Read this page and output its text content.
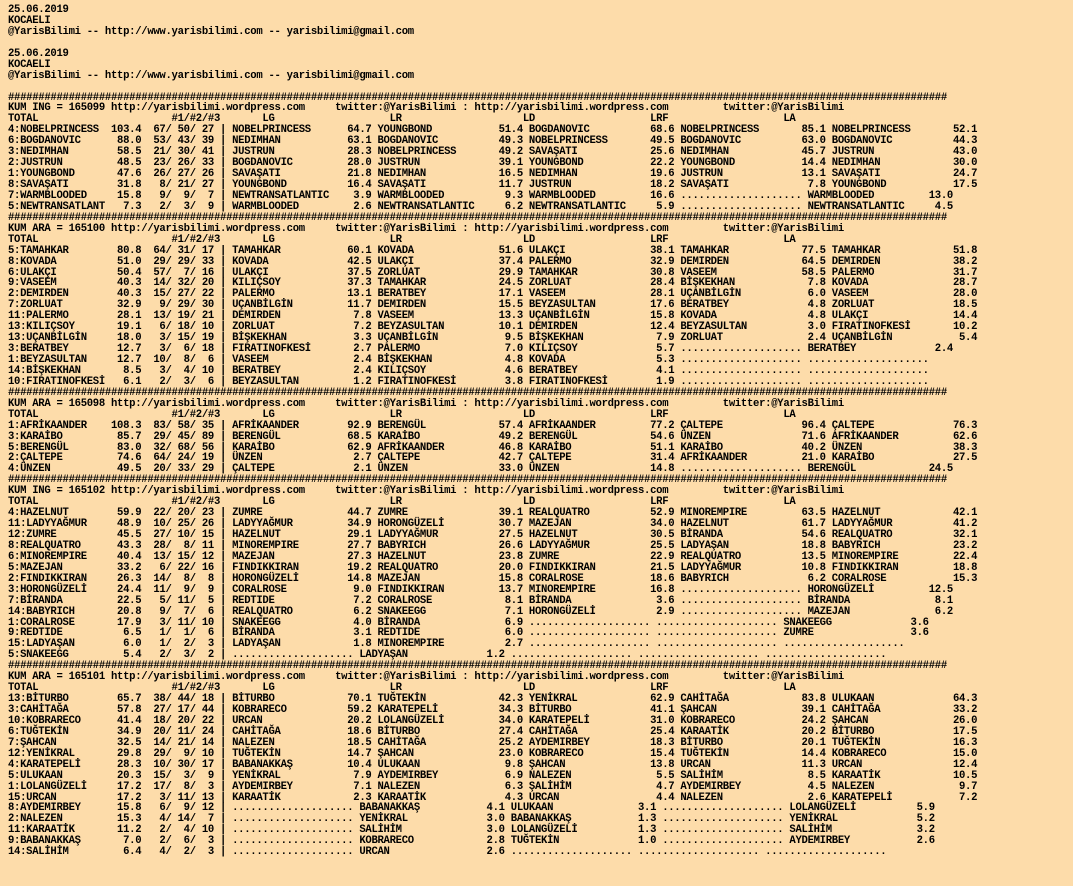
25.06.2019
KOCAELI
@YarisBilimi -- http://www.yarisbilimi.com -- yarisbilimi@gmail.com
25.06.2019
KOCAELI
@YarisBilimi -- http://www.yarisbilimi.com -- yarisbilimi@gmail.com
###########################################################################################################################################################
KUM ING = 165099 http://yarisbilimi.wordpress.com     twitter:@YarisBilimi : http://yarisbilimi.wordpress.com         twitter:@YarisBilimi
TOTAL                      #1/#2/#3       LG                   LR                    LD                   LRF                   LA
4:NOBELPRINCESS  103.4  67/ 50/ 27 | NOBELPRINCESS      64.7 YOUNGBOND           51.4 BOGDANOVIC          68.6 NOBELPRINCESS       85.1 NOBELPRINCESS       52.1
6:BOGDANOVIC      88.0  53/ 43/ 39 | NEDIMHAN           63.1 BOGDANOVIC          49.3 NOBELPRINCESS       49.5 BOGDANOVIC          63.0 BOGDANOVIC          44.3
3:NEDIMHAN        58.5  21/ 30/ 41 | JUSTRUN            28.3 NOBELPRINCESS       49.2 SAVAŞATI            25.6 NEDIMHAN            45.7 JUSTRUN             43.0
2:JUSTRUN         48.5  23/ 26/ 33 | BOGDANOVIC         28.0 JUSTRUN             39.1 YOUNGBOND           22.2 YOUNGBOND           14.4 NEDIMHAN            30.0
1:YOUNGBOND       47.6  26/ 27/ 26 | SAVAŞATI           21.8 NEDIMHAN            16.5 NEDIMHAN            19.6 JUSTRUN             13.1 SAVAŞATI            24.7
8:SAVAŞATI        31.8   8/ 21/ 27 | YOUNGBOND          16.4 SAVAŞATI            11.7 JUSTRUN             18.2 SAVAŞATI             7.8 YOUNGBOND           17.5
7:WARMBLOODED     15.8   9/  9/  7 | NEWTRANSATLANTIC    3.9 WARMBLOODED          9.3 WARMBLOODED         16.6 .................... WARMBLOODED         13.0
5:NEWTRANSATLANT   7.3   2/  3/  9 | WARMBLOODED         2.6 NEWTRANSATLANTIC     6.2 NEWTRANSATLANTIC     5.9 .................... NEWTRANSATLANTIC     4.5
###########################################################################################################################################################
KUM ARA = 165100 http://yarisbilimi.wordpress.com     twitter:@YarisBilimi : http://yarisbilimi.wordpress.com         twitter:@YarisBilimi
TOTAL                      #1/#2/#3       LG                   LR                    LD                   LRF                   LA
5:TAMAHKAR        80.8  64/ 31/ 17 | TAMAHKAR           60.1 KOVADA              51.6 ULAKÇI              38.1 TAMAHKAR            77.5 TAMAHKAR            51.8
8:KOVADA          51.0  29/ 29/ 33 | KOVADA             42.5 ULAKÇI              37.4 PALERMO             32.9 DEMIRDEN            64.5 DEMIRDEN            38.2
6:ULAKÇI          50.4  57/  7/ 16 | ULAKÇI             37.5 ZORLUAT             29.9 TAMAHKAR            30.8 VASEEM              58.5 PALERMO             31.7
9:VASEEM          40.3  14/ 32/ 20 | KILIÇSOY           37.3 TAMAHKAR            24.5 ZORLUAT             28.4 BİŞKEKHAN            7.8 KOVADA              28.7
2:DEMIRDEN        40.3  15/ 27/ 22 | PALERMO            13.1 BERATBEY            17.1 VASEEM              28.1 UÇANBİLGİN           6.0 VASEEM              28.0
7:ZORLUAT         32.9   9/ 29/ 30 | UÇANBİLGİN         11.7 DEMIRDEN            15.5 BEYZASULTAN         17.6 BERATBEY             4.8 ZORLUAT             18.5
11:PALERMO        28.1  13/ 19/ 21 | DEMIRDEN            7.8 VASEEM              13.3 UÇANBİLGİN          15.8 KOVADA               4.8 ULAKÇI              14.4
13:KILIÇSOY       19.1   6/ 18/ 10 | ZORLUAT             7.2 BEYZASULTAN         10.1 DEMIRDEN            12.4 BEYZASULTAN          3.0 FIRATINOFKESİ       10.2
13:UÇANBİLGİN     18.0   3/ 15/ 19 | BİŞKEKHAN           3.3 UÇANBİLGİN           9.5 BİŞKEKHAN            7.9 ZORLUAT              2.4 UÇANBİLGİN           5.4
3:BERATBEY        12.7   3/  6/ 18 | FIRATINOFKESİ       2.7 PALERMO              7.0 KILIÇSOY             5.7 .................... BERATBEY             2.4
1:BEYZASULTAN     12.7  10/  8/  6 | VASEEM              2.4 BİŞKEKHAN            4.8 KOVADA               5.3 .................... ....................
14:BİŞKEKHAN       8.5   3/  4/ 10 | BERATBEY            2.4 KILIÇSOY             4.6 BERATBEY             4.1 .................... ....................
10:FIRATINOFKESİ   6.1   2/  3/  6 | BEYZASULTAN         1.2 FIRATINOFKESİ        3.8 FIRATINOFKESİ        1.9 .................... ....................
###########################################################################################################################################################
KUM ARA = 165098 http://yarisbilimi.wordpress.com     twitter:@YarisBilimi : http://yarisbilimi.wordpress.com         twitter:@YarisBilimi
TOTAL                      #1/#2/#3       LG                   LR                    LD                   LRF                   LA
1:AFRİKAANDER    108.3  83/ 58/ 35 | AFRİKAANDER        92.9 BERENGÜL            57.4 AFRİKAANDER         77.2 ÇALTEPE             96.4 ÇALTEPE             76.3
3:KARAİBO         85.7  29/ 45/ 89 | BERENGÜL           68.5 KARAİBO             49.2 BERENGÜL            54.6 ÜNZEN               71.6 AFRİKAANDER         62.6
5:BERENGÜL        83.0  32/ 68/ 56 | KARAİBO            62.9 AFRİKAANDER         46.8 KARAİBO             51.1 KARAİBO             40.2 ÜNZEN               38.3
2:ÇALTEPE         74.6  64/ 24/ 19 | ÜNZEN               2.7 ÇALTEPE             42.7 ÇALTEPE             31.4 AFRİKAANDER         21.0 KARAİBO             27.5
4:ÜNZEN           49.5  20/ 33/ 29 | ÇALTEPE             2.1 ÜNZEN               33.0 ÜNZEN               14.8 .................... BERENGÜL            24.5
###########################################################################################################################################################
KUM ING = 165102 http://yarisbilimi.wordpress.com     twitter:@YarisBilimi : http://yarisbilimi.wordpress.com         twitter:@YarisBilimi
TOTAL                      #1/#2/#3       LG                   LR                    LD                   LRF                   LA
4:HAZELNUT        59.9  22/ 20/ 23 | ZUMRE              44.7 ZUMRE               39.1 REALQUATRO          52.9 MINOREMPIRE         63.5 HAZELNUT            42.1
11:LADYYAĞMUR     48.9  10/ 25/ 26 | LADYYAĞMUR         34.9 HORONGÜZELİ         30.7 MAZEJAN             34.0 HAZELNUT            61.7 LADYYAĞMUR          41.2
12:ZUMRE          45.5  27/ 10/ 15 | HAZELNUT           29.1 LADYYAĞMUR          27.5 HAZELNUT            30.5 BİRANDA             54.6 REALQUATRO          32.1
8:REALQUATRO      43.3  28/  8/ 11 | MINOREMPIRE        27.7 BABYRICH            26.6 LADYYAĞMUR          25.5 LADYAŞAN            18.8 BABYRICH            23.2
6:MINOREMPIRE     40.4  13/ 15/ 12 | MAZEJAN            27.3 HAZELNUT            23.8 ZUMRE               22.9 REALQUATRO          13.5 MINOREMPIRE         22.4
5:MAZEJAN         33.2   6/ 22/ 16 | FINDIKKIRAN        19.2 REALQUATRO          20.0 FINDIKKIRAN         21.5 LADYYAĞMUR          10.8 FINDIKKIRAN         18.8
2:FINDIKKIRAN     26.3  14/  8/  8 | HORONGÜZELİ        14.8 MAZEJAN             15.8 CORALROSE           18.6 BABYRICH             6.2 CORALROSE           15.3
3:HORONGÜZELİ     24.4  11/  9/  9 | CORALROSE           9.0 FINDIKKIRAN         13.7 MINOREMPIRE         16.8 .................... HORONGÜZELİ         12.5
7:BİRANDA         22.5   5/ 11/  5 | REDTIDE             7.2 CORALROSE            8.1 BİRANDA              3.6 .................... BİRANDA              8.1
14:BABYRICH       20.8   9/  7/  6 | REALQUATRO          6.2 SNAKEEGG             7.1 HORONGÜZELİ          2.9 .................... MAZEJAN              6.2
1:CORALROSE       17.9   3/ 11/ 10 | SNAKEEGG            4.0 BİRANDA              6.9 .................... .................... SNAKEEGG             3.6
9:REDTIDE          6.5   1/  1/  6 | BİRANDA             3.1 REDTIDE              6.0 .................... .................... ZUMRE                3.6
15:LADYAŞAN        6.0   1/  2/  3 | LADYAŞAN            1.8 MINOREMPIRE          2.7 .................... .................... ....................
5:SNAKEEGG         5.4   2/  3/  2 | .................... LADYAŞAN             1.2 .................... .................... ....................
###########################################################################################################################################################
KUM ARA = 165101 http://yarisbilimi.wordpress.com     twitter:@YarisBilimi : http://yarisbilimi.wordpress.com         twitter:@YarisBilimi
TOTAL                      #1/#2/#3       LG                   LR                    LD                   LRF                   LA
13:BİTURBO        65.7  38/ 44/ 18 | BİTURBO            70.1 TUĞTEKİN            42.3 YENİKRAL            62.9 CAHİTAĞA            83.8 ULUKAAN             64.3
3:CAHİTAĞA        57.8  27/ 17/ 44 | KOBRARECO          59.2 KARATEPELİ          34.3 BİTURBO             41.1 ŞAHCAN              39.1 CAHİTAĞA            33.2
10:KOBRARECO      41.4  18/ 20/ 22 | URCAN              20.2 LOLANGÜZELİ         34.0 KARATEPELİ          31.0 KOBRARECO           24.2 ŞAHCAN              26.0
6:TUĞTEKİN        34.9  20/ 11/ 24 | CAHİTAĞA           18.6 BİTURBO             27.4 CAHİTAĞA            25.4 KARAATİK            20.2 BİTURBO             17.5
7:ŞAHCAN          32.5  14/ 21/ 14 | NALEZEN            18.5 CAHİTAĞA            25.2 AYDEMIRBEY          18.3 BİTURBO             20.1 TUĞTEKİN            16.3
12:YENİKRAL       29.8  29/  9/ 10 | TUĞTEKİN           14.7 ŞAHCAN              23.0 KOBRARECO           15.4 TUĞTEKİN            14.4 KOBRARECO           15.0
4:KARATEPELİ      28.3  10/ 30/ 17 | BABANAKKAŞ         10.4 ULUKAAN              9.8 ŞAHCAN              13.8 URCAN               11.3 URCAN               12.4
5:ULUKAAN         20.3  15/  3/  9 | YENİKRAL            7.9 AYDEMIRBEY           6.9 NALEZEN              5.5 SALİHİM              8.5 KARAATİK            10.5
1:LOLANGÜZELİ     17.2  17/  8/  3 | AYDEMIRBEY          7.1 NALEZEN              6.3 ŞALİHİM              4.7 AYDEMIRBEY           4.5 NALEZEN              9.7
15:URCAN          17.2   3/ 11/ 13 | KARAATİK            2.3 KARAATİK             4.3 URCAN                4.4 NALEZEN              2.6 KARATEPELİ           7.2
8:AYDEMIRBEY      15.8   6/  9/ 12 | .................... BABANAKKAŞ           4.1 ULUKAAN              3.1 .................... LOLANGÜZELİ          5.9
2:NALEZEN         15.3   4/ 14/  7 | .................... YENİKRAL             3.0 BABANAKKAŞ           1.3 .................... YENİKRAL             5.2
11:KARAATİK       11.2   2/  4/ 10 | .................... SALİHİM              3.0 LOLANGÜZELİ          1.3 .................... SALİHİM              3.2
9:BABANAKKAŞ       7.0   2/  6/  3 | .................... KOBRARECO            2.8 TUĞTEKİN             1.0 .................... AYDEMIRBEY           2.6
14:SALİHİM         6.4   4/  2/  3 | .................... URCAN                2.6 .................... .................... ....................
